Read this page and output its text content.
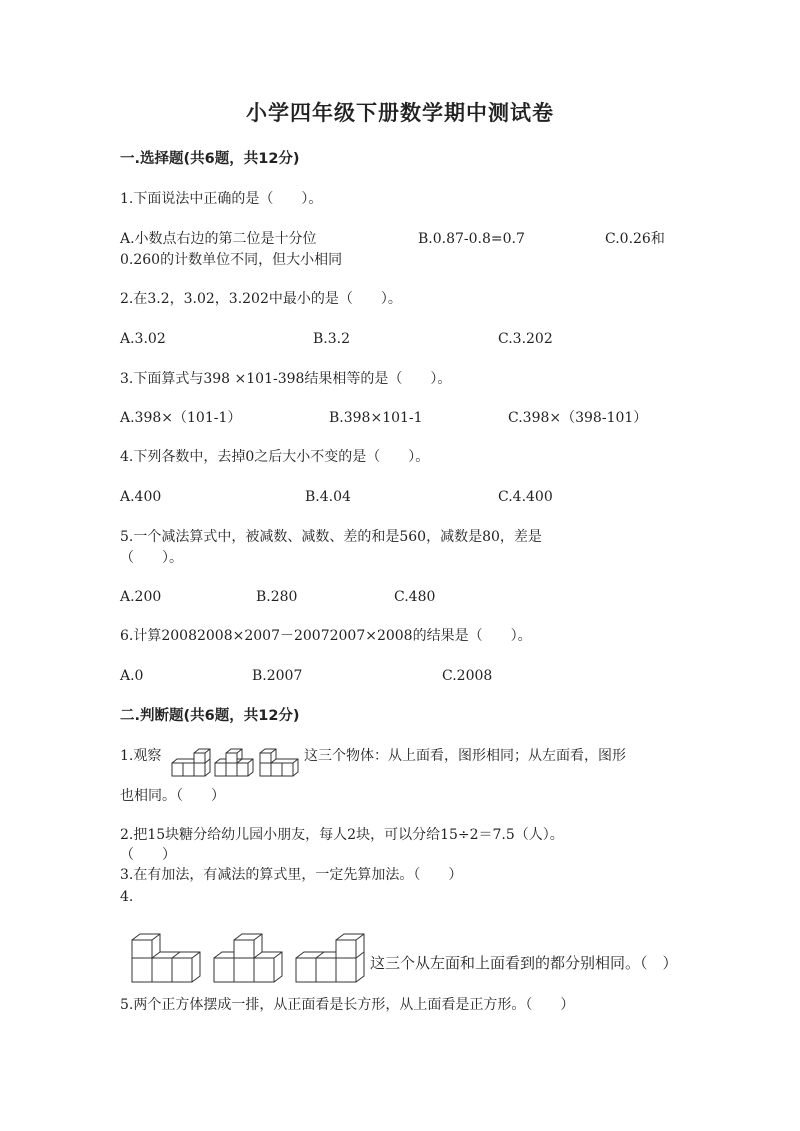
小学四年级下册数学期中测试卷
一.选择题(共6题，共12分)
1.下面说法中正确的是（　　）。
A.小数点右边的第二位是十分位	B.0.87-0.8=0.7	C.0.26和
0.260的计数单位不同，但大小相同
2.在3.2，3.02，3.202中最小的是（　　）。
A.3.02	B.3.2	C.3.202
3.下面算式与398 ×101-398结果相等的是（　　）。
A.398×（101-1）	B.398×101-1	C.398×（398-101）
4.下列各数中，去掉0之后大小不变的是（　　）。
A.400	B.4.04	C.4.400
5.一个减法算式中，被减数、减数、差的和是560，减数是80，差是
（　　）。
A.200	B.280	C.480
6.计算20082008×2007－20072007×2008的结果是（　　）。
A.0	B.2007	C.2008
二.判断题(共6题，共12分)
1.观察	这三个物体：从上面看，图形相同；从左面看，图形
也相同。（　　）
2.把15块糖分给幼儿园小朋友，每人2块，可以分给15÷2＝7.5（人）。
（　　）
3.在有加法，有减法的算式里，一定先算加法。（　　）
4.
这三个从左面和上面看到的都分别相同。（　）
5.两个正方体摆成一排，从正面看是长方形，从上面看是正方形。（　　）
